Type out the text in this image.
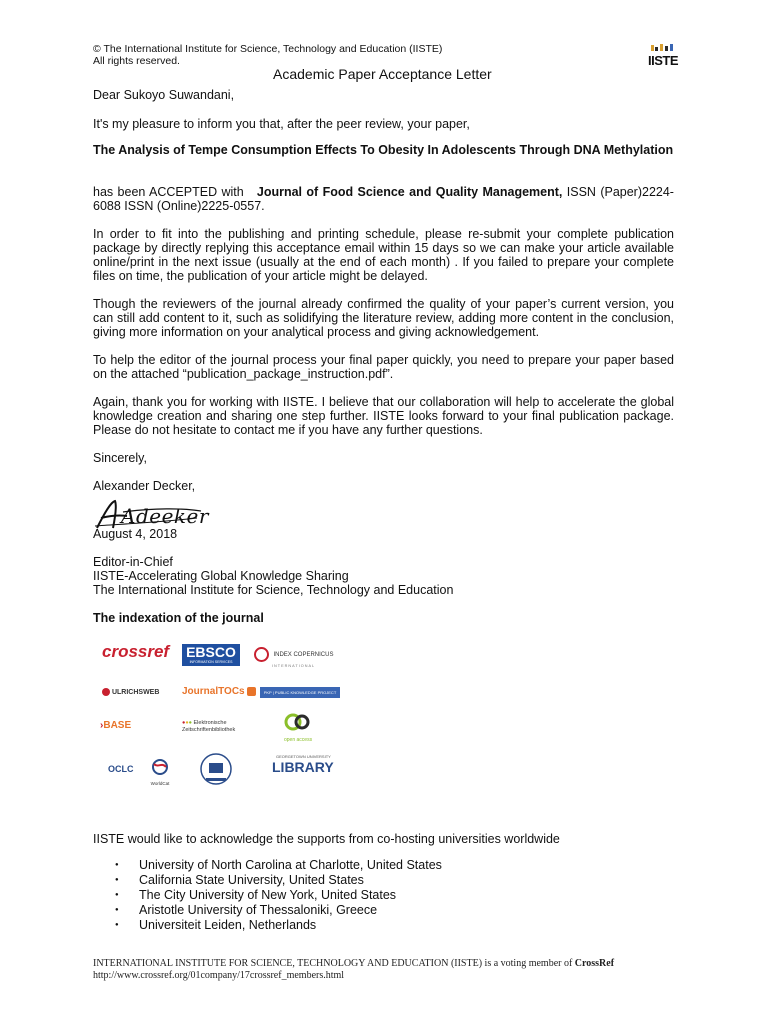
© The International Institute for Science, Technology and Education (IISTE)
All rights reserved.	IISTE
Academic Paper Acceptance Letter
Dear Sukoyo Suwandani,
It's my pleasure to inform you that, after the peer review, your paper,
The Analysis of Tempe Consumption Effects To Obesity In Adolescents Through DNA Methylation
has been ACCEPTED with Journal of Food Science and Quality Management, ISSN (Paper)2224-6088 ISSN (Online)2225-0557.
In order to fit into the publishing and printing schedule, please re-submit your complete publication package by directly replying this acceptance email within 15 days so we can make your article available online/print in the next issue (usually at the end of each month) . If you failed to prepare your complete files on time, the publication of your article might be delayed.
Though the reviewers of the journal already confirmed the quality of your paper’s current version, you can still add content to it, such as solidifying the literature review, adding more content in the conclusion, giving more information on your analytical process and giving acknowledgement.
To help the editor of the journal process your final paper quickly, you need to prepare your paper based on the attached “publication_package_instruction.pdf”.
Again, thank you for working with IISTE. I believe that our collaboration will help to accelerate the global knowledge creation and sharing one step further. IISTE looks forward to your final publication package. Please do not hesitate to contact me if you have any further questions.
Sincerely,
Alexander Decker,
Adeeker
August 4, 2018
Editor-in-Chief
IISTE-Accelerating Global Knowledge Sharing
The International Institute for Science, Technology and Education
The indexation of the journal
crossref EBSCO
INFORMATION SERVICES
INDEX COPERNICUS
INTERNATIONAL
ULRICHSWEB JournalTOCs	PKP | PUBLIC KNOWLEDGE PROJECT
›BASE	●●● Elektronische Zeitschriftenbibliothek
open access
OCLC
WorldCat
GEORGETOWN UNIVERSITY
LIBRARY
IISTE would like to acknowledge the supports from co-hosting universities worldwide
● University of North Carolina at Charlotte, United States
● California State University, United States
● The City University of New York, United States
● Aristotle University of Thessaloniki, Greece
● Universiteit Leiden, Netherlands
INTERNATIONAL INSTITUTE FOR SCIENCE, TECHNOLOGY AND EDUCATION (IISTE) is a voting member of CrossRef
http://www.crossref.org/01company/17crossref_members.html
